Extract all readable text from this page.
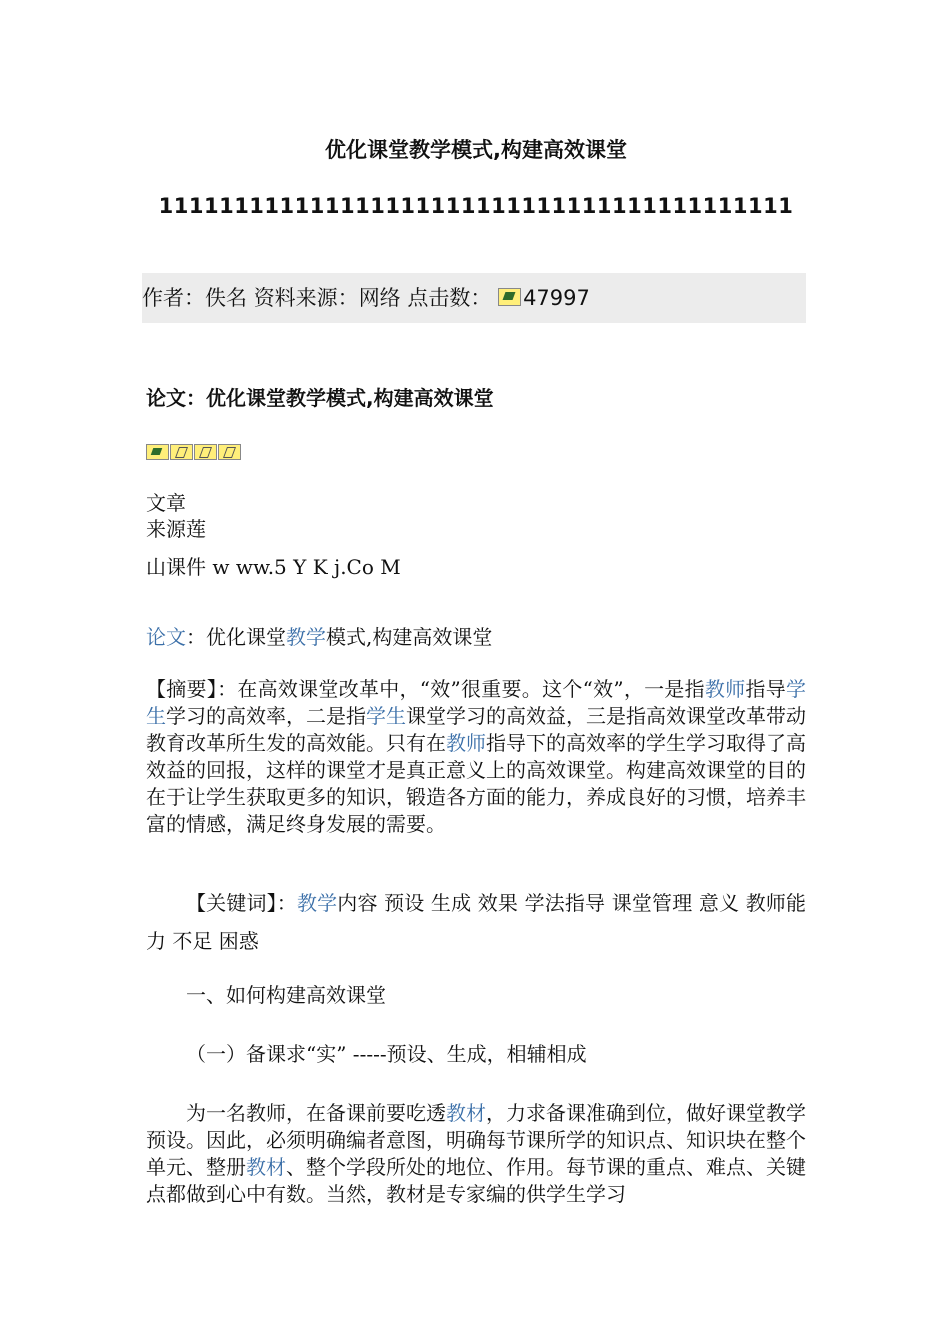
优化课堂教学模式,构建高效课堂
111111111111111111111111111111111111111111
作者：佚名 资料来源：网络 点击数： 47997
论文：优化课堂教学模式,构建高效课堂
文章
来源莲
山课件 w ww.5 Y K j.Co M
论文：优化课堂教学模式,构建高效课堂
【摘要】：在高效课堂改革中，“效”很重要。这个“效”，一是指教师指导学生学习的高效率，二是指学生课堂学习的高效益，三是指高效课堂改革带动教育改革所生发的高效能。只有在教师指导下的高效率的学生学习取得了高效益的回报，这样的课堂才是真正意义上的高效课堂。构建高效课堂的目的在于让学生获取更多的知识，锻造各方面的能力，养成良好的习惯，培养丰富的情感，满足终身发展的需要。
【关键词】：教学内容 预设 生成 效果 学法指导 课堂管理 意义 教师能力 不足 困惑
一、如何构建高效课堂
（一）备课求“实” -----预设、生成，相辅相成
为一名教师，在备课前要吃透教材，力求备课准确到位，做好课堂教学预设。因此，必须明确编者意图，明确每节课所学的知识点、知识块在整个单元、整册教材、整个学段所处的地位、作用。每节课的重点、难点、关键点都做到心中有数。当然，教材是专家编的供学生学习
